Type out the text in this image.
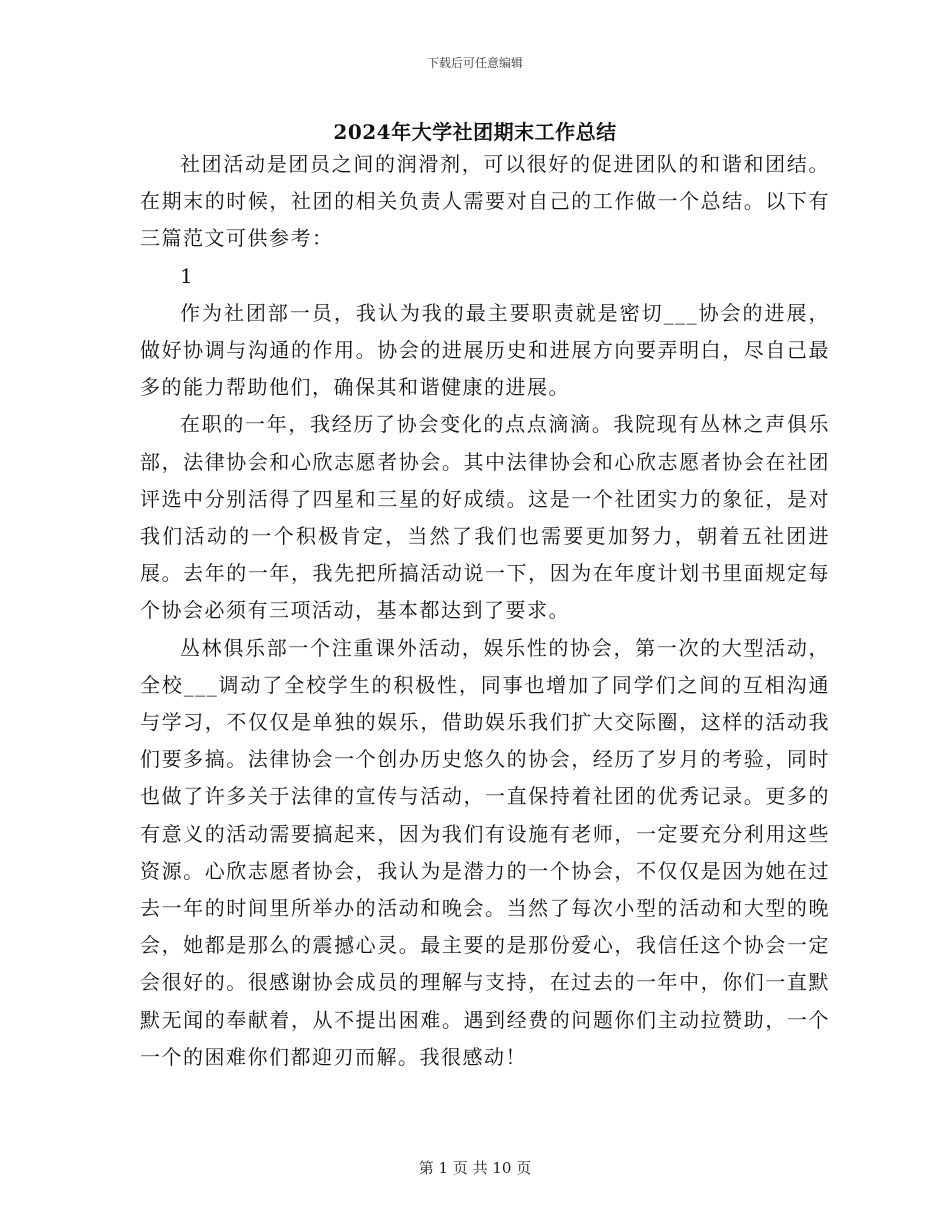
下载后可任意编辑
2024年大学社团期末工作总结

社团活动是团员之间的润滑剂，可以很好的促进团队的和谐和团结。在期末的时候，社团的相关负责人需要对自己的工作做一个总结。以下有三篇范文可供参考：

1

作为社团部一员，我认为我的最主要职责就是密切___协会的进展，做好协调与沟通的作用。协会的进展历史和进展方向要弄明白，尽自己最多的能力帮助他们，确保其和谐健康的进展。

在职的一年，我经历了协会变化的点点滴滴。我院现有丛林之声俱乐部，法律协会和心欣志愿者协会。其中法律协会和心欣志愿者协会在社团评选中分别活得了四星和三星的好成绩。这是一个社团实力的象征，是对我们活动的一个积极肯定，当然了我们也需要更加努力，朝着五社团进展。去年的一年，我先把所搞活动说一下，因为在年度计划书里面规定每个协会必须有三项活动，基本都达到了要求。

丛林俱乐部一个注重课外活动，娱乐性的协会，第一次的大型活动，全校___调动了全校学生的积极性，同事也增加了同学们之间的互相沟通与学习，不仅仅是单独的娱乐，借助娱乐我们扩大交际圈，这样的活动我们要多搞。法律协会一个创办历史悠久的协会，经历了岁月的考验，同时也做了许多关于法律的宣传与活动，一直保持着社团的优秀记录。更多的有意义的活动需要搞起来，因为我们有设施有老师，一定要充分利用这些资源。心欣志愿者协会，我认为是潜力的一个协会，不仅仅是因为她在过去一年的时间里所举办的活动和晚会。当然了每次小型的活动和大型的晚会，她都是那么的震撼心灵。最主要的是那份爱心，我信任这个协会一定会很好的。很感谢协会成员的理解与支持，在过去的一年中，你们一直默默无闻的奉献着，从不提出困难。遇到经费的问题你们主动拉赞助，一个一个的困难你们都迎刃而解。我很感动！

第 1 页 共 10 页
